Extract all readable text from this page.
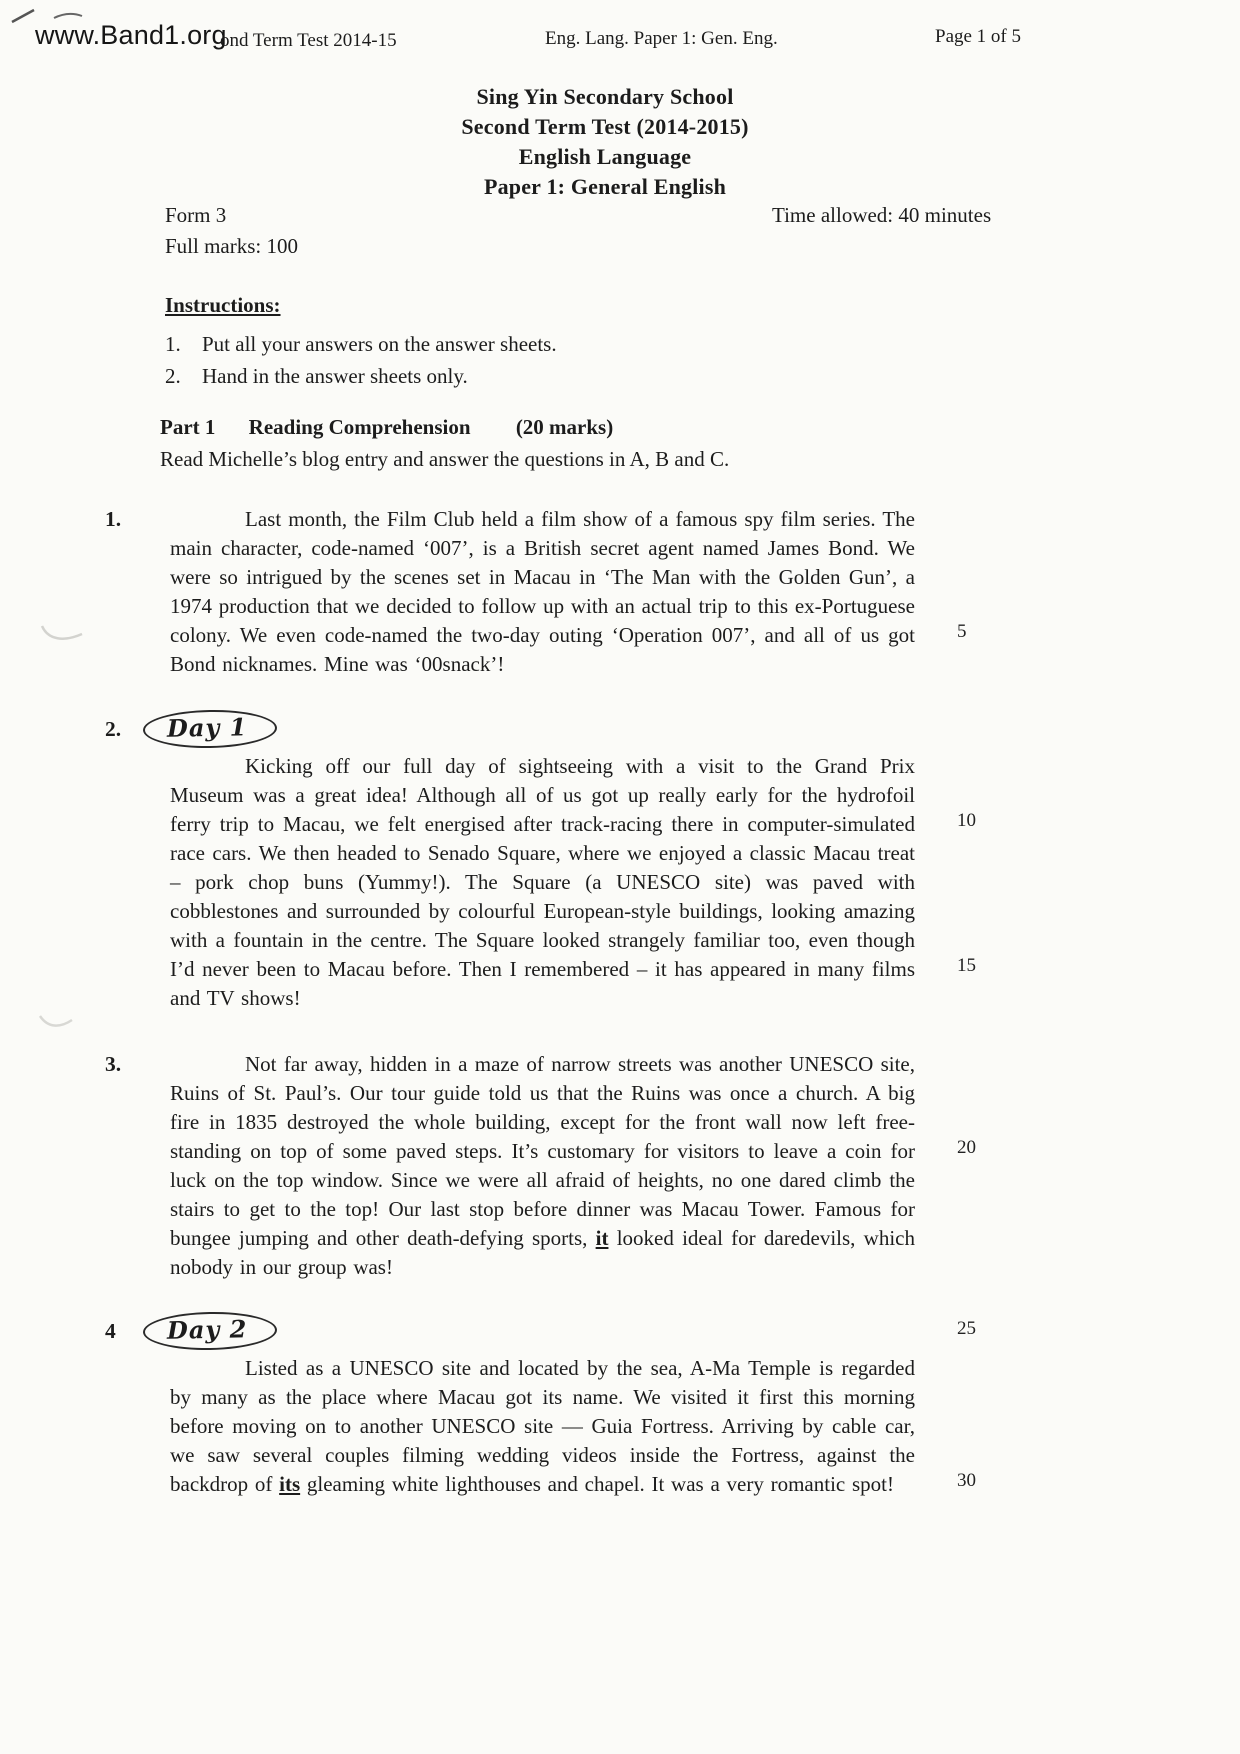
www.Band1.org
ond Term Test 2014-15	Eng. Lang. Paper 1: Gen. Eng.	Page 1 of 5
Sing Yin Secondary School
Second Term Test (2014-2015)
English Language
Paper 1: General English
Form 3	Time allowed: 40 minutes
Full marks: 100
Instructions:
1.	Put all your answers on the answer sheets.
2.	Hand in the answer sheets only.
Part 1 Reading Comprehension (20 marks)
Read Michelle’s blog entry and answer the questions in A, B and C.
1.	Last month, the Film Club held a film show of a famous spy film series. The main character, code-named ‘007’, is a British secret agent named James Bond. We were so intrigued by the scenes set in Macau in ‘The Man with the Golden Gun’, a 1974 production that we decided to follow up with an actual trip to this ex-Portuguese colony. We even code-named the two-day outing ‘Operation 007’, and all of us got Bond nicknames. Mine was ‘00snack’!
5
2.	Day 1
Kicking off our full day of sightseeing with a visit to the Grand Prix Museum was a great idea! Although all of us got up really early for the hydrofoil ferry trip to Macau, we felt energised after track-racing there in computer-simulated race cars. We then headed to Senado Square, where we enjoyed a classic Macau treat – pork chop buns (Yummy!). The Square (a UNESCO site) was paved with cobblestones and surrounded by colourful European-style buildings, looking amazing with a fountain in the centre. The Square looked strangely familiar too, even though I’d never been to Macau before. Then I remembered – it has appeared in many films and TV shows!
10
15
3.	Not far away, hidden in a maze of narrow streets was another UNESCO site, Ruins of St. Paul’s. Our tour guide told us that the Ruins was once a church. A big fire in 1835 destroyed the whole building, except for the front wall now left free-standing on top of some paved steps. It’s customary for visitors to leave a coin for luck on the top window. Since we were all afraid of heights, no one dared climb the stairs to get to the top! Our last stop before dinner was Macau Tower. Famous for bungee jumping and other death-defying sports, it looked ideal for daredevils, which nobody in our group was!
20
4	Day 2	25
Listed as a UNESCO site and located by the sea, A-Ma Temple is regarded by many as the place where Macau got its name. We visited it first this morning before moving on to another UNESCO site — Guia Fortress. Arriving by cable car, we saw several couples filming wedding videos inside the Fortress, against the backdrop of its gleaming white lighthouses and chapel. It was a very romantic spot!	30
